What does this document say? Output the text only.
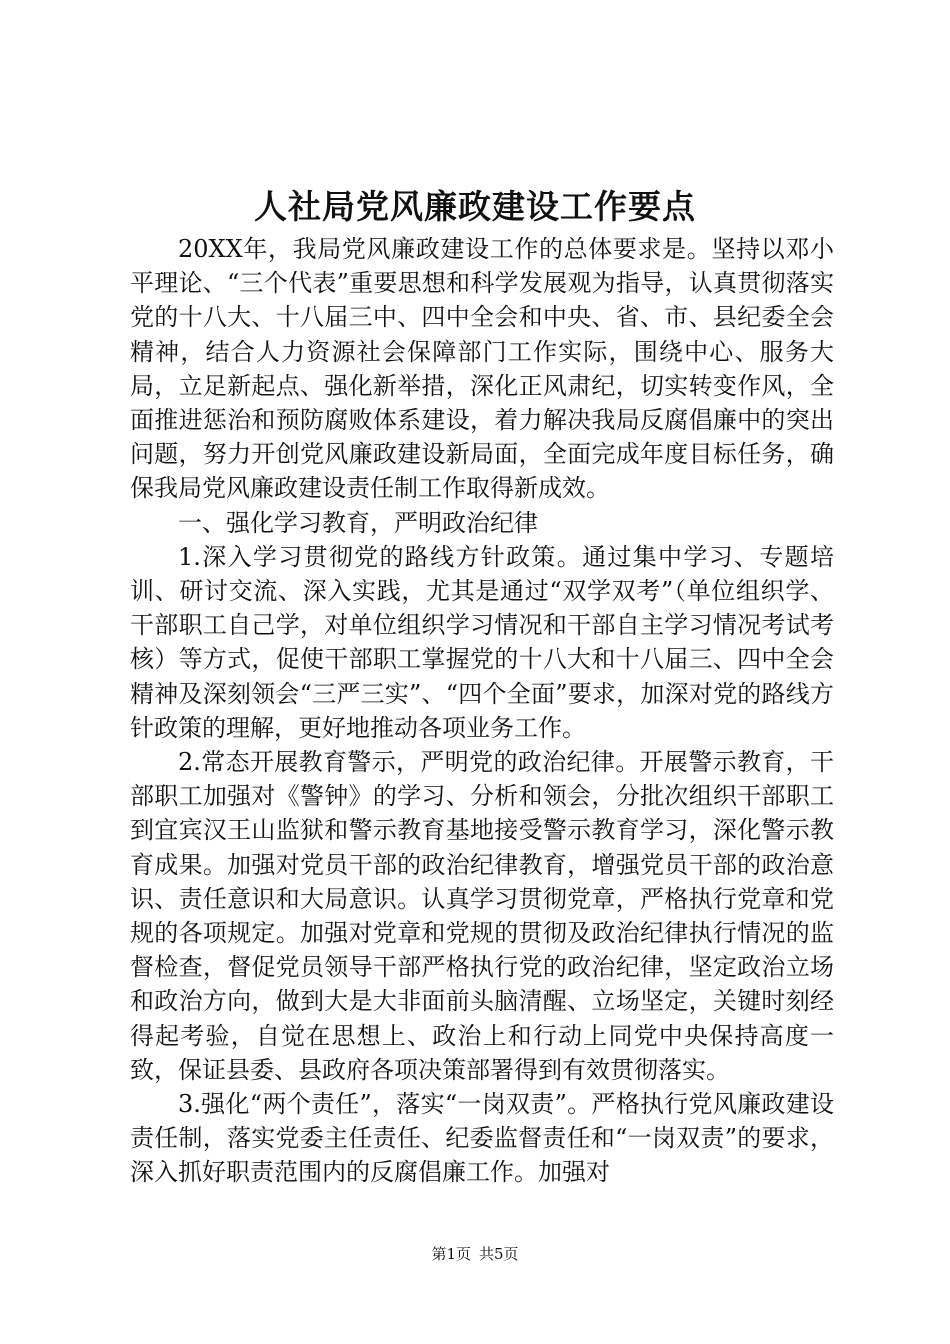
人社局党风廉政建设工作要点

20XX年，我局党风廉政建设工作的总体要求是。坚持以邓小平理论、“三个代表”重要思想和科学发展观为指导，认真贯彻落实党的十八大、十八届三中、四中全会和中央、省、市、县纪委全会精神，结合人力资源社会保障部门工作实际，围绕中心、服务大局，立足新起点、强化新举措，深化正风肃纪，切实转变作风，全面推进惩治和预防腐败体系建设，着力解决我局反腐倡廉中的突出问题，努力开创党风廉政建设新局面，全面完成年度目标任务，确保我局党风廉政建设责任制工作取得新成效。

一、强化学习教育，严明政治纪律

1.深入学习贯彻党的路线方针政策。通过集中学习、专题培训、研讨交流、深入实践，尤其是通过“双学双考”（单位组织学、干部职工自己学，对单位组织学习情况和干部自主学习情况考试考核）等方式，促使干部职工掌握党的十八大和十八届三、四中全会精神及深刻领会“三严三实”、“四个全面”要求，加深对党的路线方针政策的理解，更好地推动各项业务工作。

2.常态开展教育警示，严明党的政治纪律。开展警示教育，干部职工加强对《警钟》的学习、分析和领会，分批次组织干部职工到宜宾汉王山监狱和警示教育基地接受警示教育学习，深化警示教育成果。加强对党员干部的政治纪律教育，增强党员干部的政治意识、责任意识和大局意识。认真学习贯彻党章，严格执行党章和党规的各项规定。加强对党章和党规的贯彻及政治纪律执行情况的监督检查，督促党员领导干部严格执行党的政治纪律，坚定政治立场和政治方向，做到大是大非面前头脑清醒、立场坚定，关键时刻经得起考验，自觉在思想上、政治上和行动上同党中央保持高度一致，保证县委、县政府各项决策部署得到有效贯彻落实。

3.强化“两个责任”，落实“一岗双责”。严格执行党风廉政建设责任制，落实党委主任责任、纪委监督责任和“一岗双责”的要求，深入抓好职责范围内的反腐倡廉工作。加强对

第1页 共5页
